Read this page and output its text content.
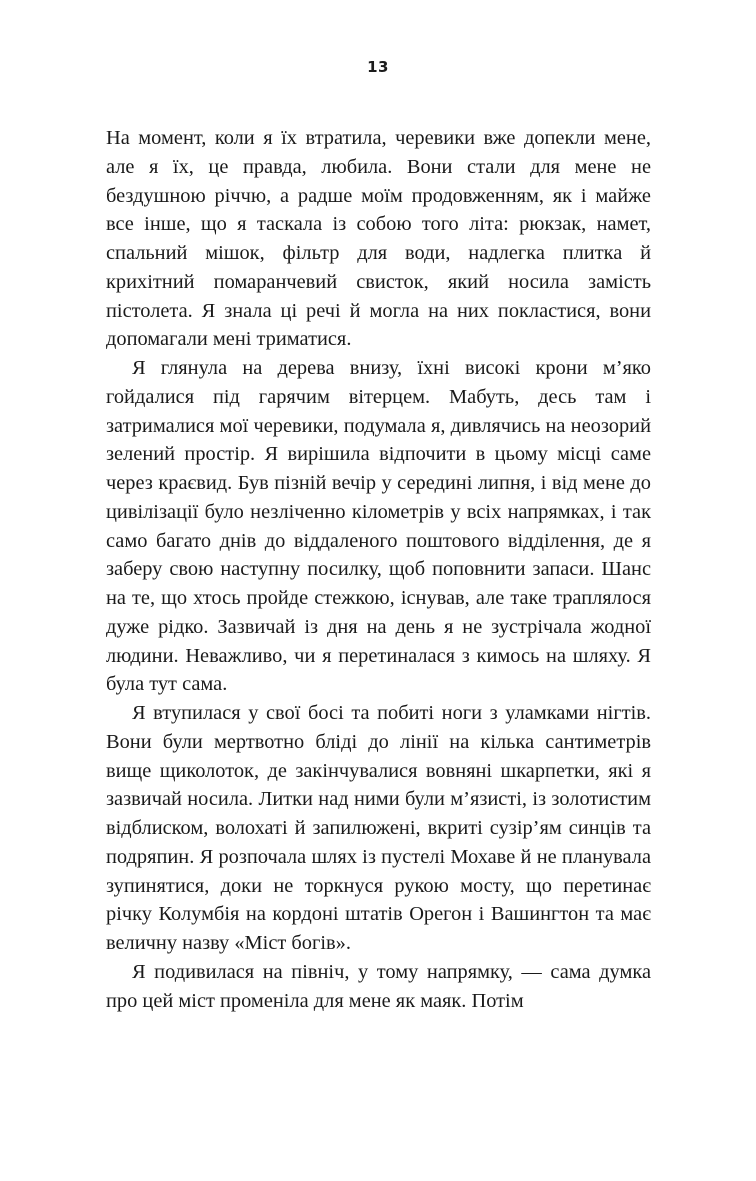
13

На момент, коли я їх втратила, черевики вже допекли мене, але я їх, це правда, любила. Вони стали для мене не бездушною річчю, а радше моїм продовженням, як і майже все інше, що я таскала із собою того літа: рюкзак, намет, спальний мішок, фільтр для води, надлегка плитка й крихітний помаранчевий свисток, який носила замість пістолета. Я знала ці речі й могла на них покластися, вони допомагали мені триматися.

Я глянула на дерева внизу, їхні високі крони м’яко гойдалися під гарячим вітерцем. Мабуть, десь там і затрималися мої черевики, подумала я, дивлячись на неозорий зелений простір. Я вирішила відпочити в цьому місці саме через краєвид. Був пізній вечір у середині липня, і від мене до цивілізації було незліченно кілометрів у всіх напрямках, і так само багато днів до віддаленого поштового відділення, де я заберу свою наступну посилку, щоб поповнити запаси. Шанс на те, що хтось пройде стежкою, існував, але таке траплялося дуже рідко. Зазвичай із дня на день я не зустрічала жодної людини. Неважливо, чи я перетиналася з кимось на шляху. Я була тут сама.

Я втупилася у свої босі та побиті ноги з уламками нігтів. Вони були мертвотно бліді до лінії на кілька сантиметрів вище щиколоток, де закінчувалися вовняні шкарпетки, які я зазвичай носила. Литки над ними були м’язисті, із золотистим відблиском, волохаті й запилюжені, вкриті сузір’ям синців та подряпин. Я розпочала шлях із пустелі Мохаве й не планувала зупинятися, доки не торкнуся рукою мосту, що перетинає річку Колумбія на кордоні штатів Орегон і Вашингтон та має величну назву «Міст богів».

Я подивилася на північ, у тому напрямку, — сама думка про цей міст променіла для мене як маяк. Потім
